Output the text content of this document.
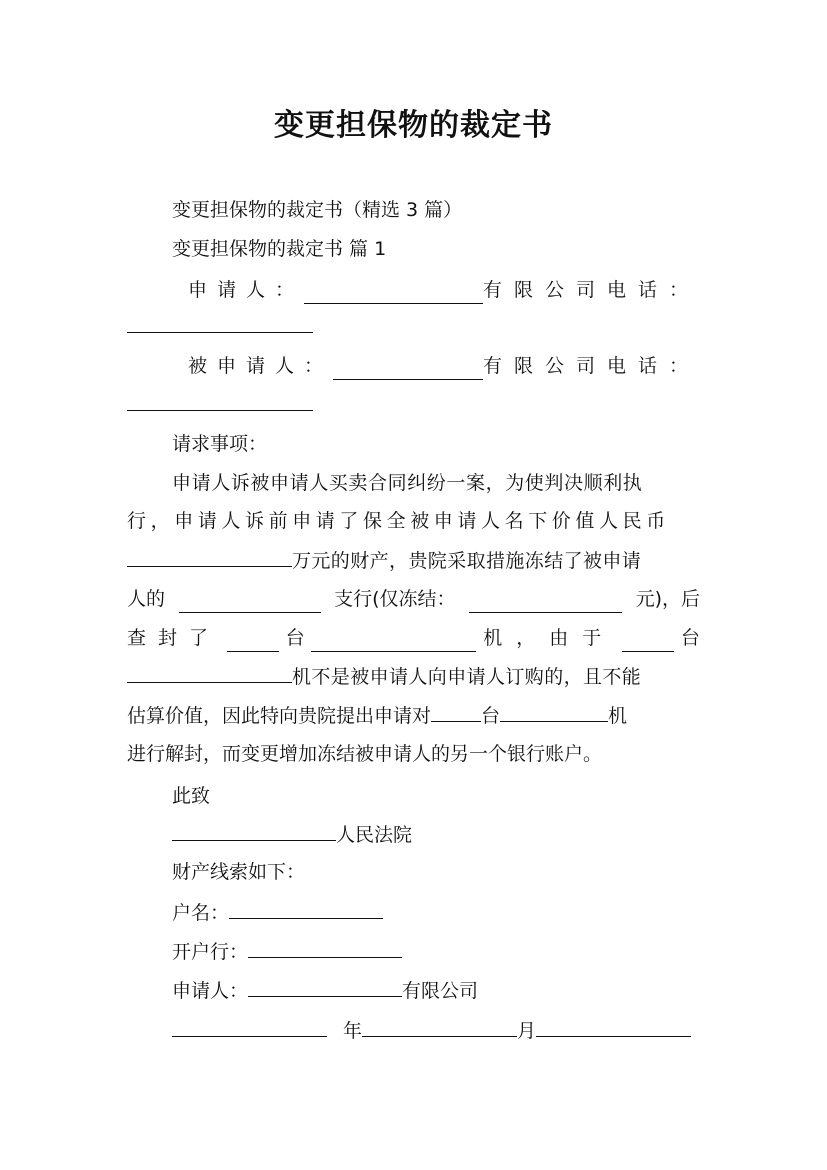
变更担保物的裁定书
变更担保物的裁定书（精选 3 篇）
变更担保物的裁定书 篇 1
申请人：	有限公司电话：
被申请人：	有限公司电话：
请求事项：
申请人诉被申请人买卖合同纠纷一案，为使判决顺利执
行，申请人诉前申请了保全被申请人名下价值人民币
万元的财产，贵院采取措施冻结了被申请
人的	支行(仅冻结：	元)，后
查封了	台	机，由于	台
机不是被申请人向申请人订购的，且不能
估算价值，因此特向贵院提出申请对	台	机
进行解封，而变更增加冻结被申请人的另一个银行账户。
此致
人民法院
财产线索如下：
户名：
开户行：
申请人：	有限公司
年	月
